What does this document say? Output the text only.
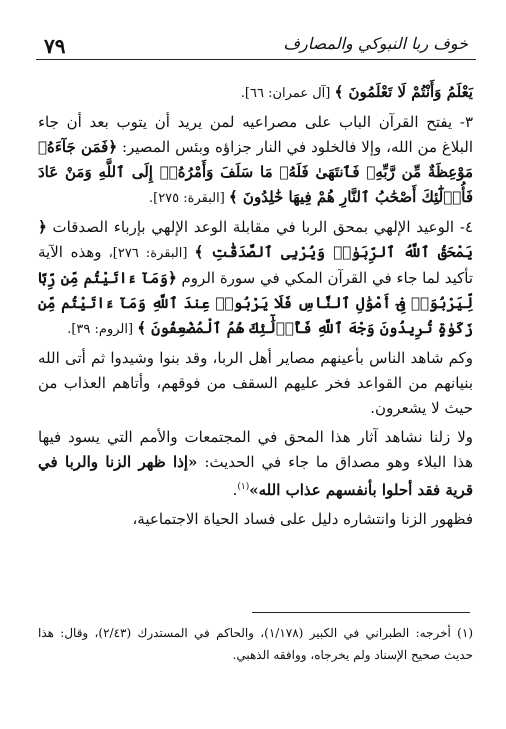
٧٩	خوف ربا النبوكي والمصارف

يَعْلَمُ وَأَنْتُمْ لَا تَعْلَمُونَ ﴾ [آل عمران: ٦٦].

٣- يفتح القرآن الباب على مصراعيه لمن يريد أن يتوب بعد أن جاء البلاغ من الله، وإلا فالخلود في النار جزاؤه وبئس المصير: ﴿فَمَن جَآءَهُۥ مَوْعِظَةٌ مِّن رَّبِّهِۦ فَٱنتَهَىٰ فَلَهُۥ مَا سَلَفَ وَأَمْرُهُۥٓ إِلَى ٱللَّهِ وَمَنْ عَادَ فَأُو۟لَٰٓئِكَ أَصْحَٰبُ ٱلنَّارِ هُمْ فِيهَا خَٰلِدُونَ ﴾ [البقرة: ٢٧٥].

٤- الوعيد الإلهي بمحق الربا في مقابلة الوعد الإلهي بإرباء الصدقات ﴿ يَمْحَقُ ٱللَّهُ ٱلرِّبَوٰا۟ وَيُرْبِى ٱلصَّدَقَٰتِ ﴾ [البقرة: ٢٧٦]، وهذه الآية تأكيد لما جاء في القرآن المكي في سورة الروم ﴿وَمَآ ءَاتَيْتُم مِّن رِّبًا لِّيَرْبُوَا۟ فِىٓ أَمْوَٰلِ ٱلنَّاسِ فَلَا يَرْبُوا۟ عِندَ ٱللَّهِ وَمَآ ءَاتَيْتُم مِّن زَكَوٰةٍ تُرِيدُونَ وَجْهَ ٱللَّهِ فَأُو۟لَٰٓئِكَ هُمُ ٱلْمُضْعِفُونَ ﴾ [الروم: ٣٩].

وكم شاهد الناس بأعينهم مصاير أهل الربا، وقد بنوا وشيدوا ثم أتى الله بنيانهم من القواعد فخر عليهم السقف من فوقهم، وأتاهم العذاب من حيث لا يشعرون.

ولا زلنا نشاهد آثار هذا المحق في المجتمعات والأمم التي يسود فيها هذا البلاء وهو مصداق ما جاء في الحديث: «إذا ظهر الزنا والربا في قرية فقد أحلوا بأنفسهم عذاب الله»$^{(١)}$.

فظهور الزنا وانتشاره دليل على فساد الحياة الاجتماعية،

(١) أخرجه: الطبراني في الكبير (١/١٧٨)، والحاكم في المستدرك (٢/٤٣)، وقال: هذا حديث صحيح الإسناد ولم يخرجاه، ووافقه الذهبي.
